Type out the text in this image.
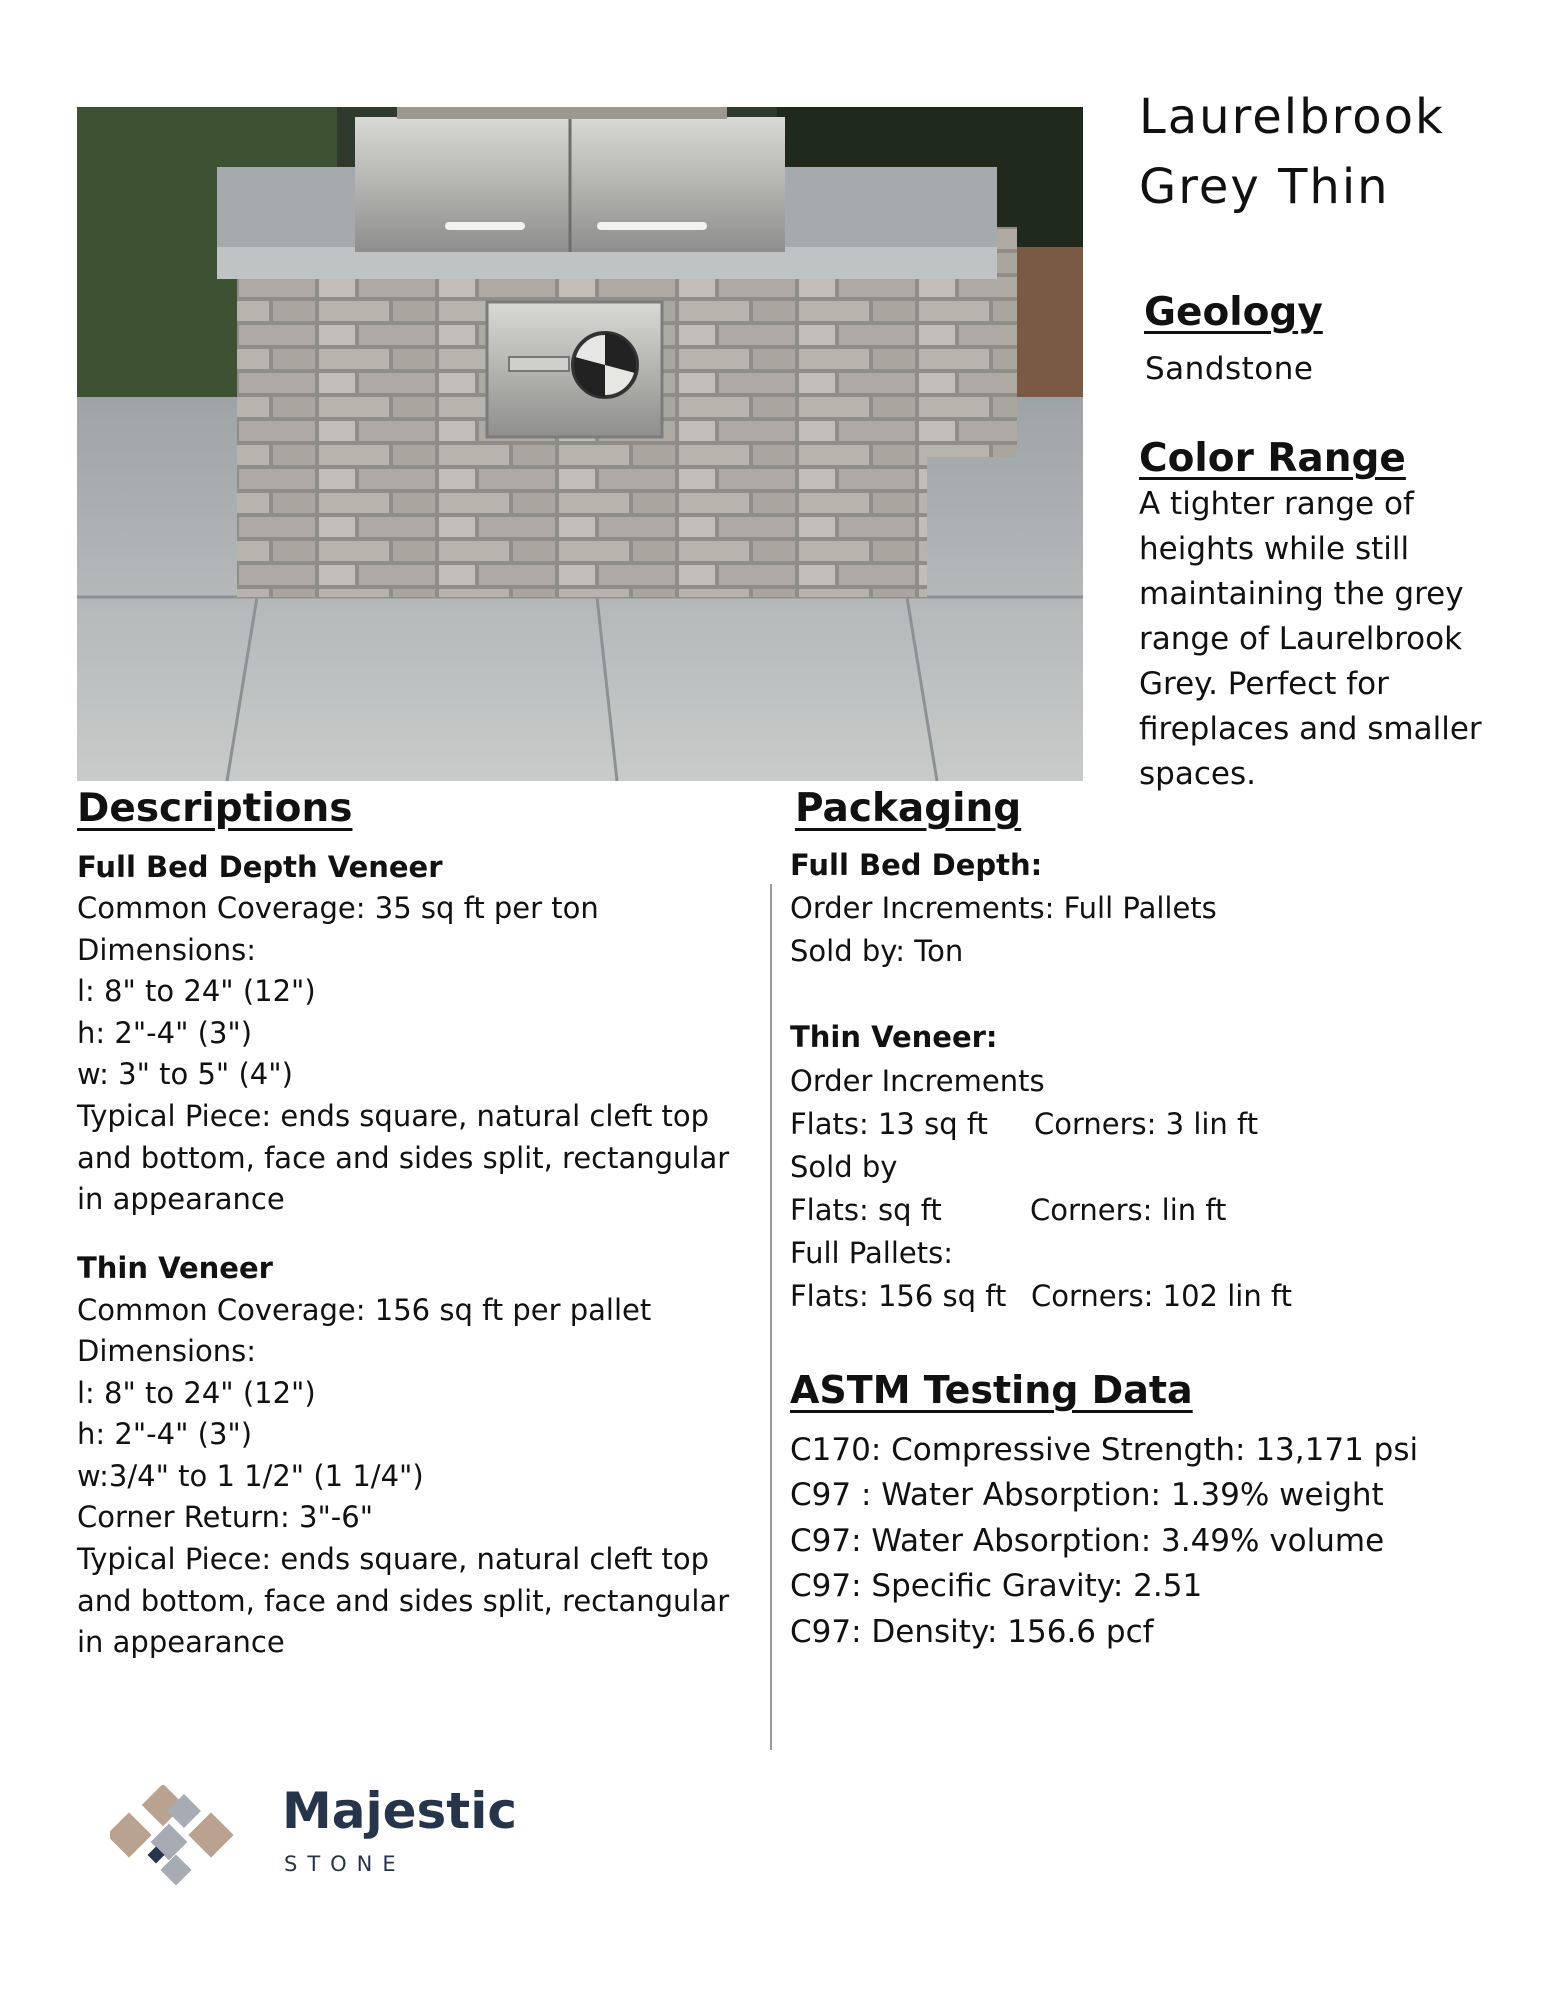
Laurelbrook
Grey Thin
Geology
Sandstone
Color Range
A tighter range of heights while still maintaining the grey range of Laurelbrook Grey. Perfect for fireplaces and smaller spaces.
Descriptions
Full Bed Depth Veneer
Common Coverage: 35 sq ft per ton
Dimensions:
l: 8" to 24" (12")
h: 2"-4" (3")
w: 3" to 5" (4")
Typical Piece: ends square, natural cleft top and bottom, face and sides split, rectangular in appearance
Thin Veneer
Common Coverage: 156 sq ft per pallet
Dimensions:
l: 8" to 24" (12")
h: 2"-4" (3")
w:3/4" to 1 1/2" (1 1/4")
Corner Return: 3"-6"
Typical Piece: ends square, natural cleft top and bottom, face and sides split, rectangular in appearance
Packaging
Full Bed Depth:
Order Increments: Full Pallets
Sold by: Ton
Thin Veneer:
Order Increments
Flats: 13 sq ft Corners: 3 lin ft
Sold by
Flats: sq ft	Corners: lin ft
Full Pallets:
Flats: 156 sq ft Corners: 102 lin ft
ASTM Testing Data
C170: Compressive Strength: 13,171 psi
C97 : Water Absorption: 1.39% weight
C97: Water Absorption: 3.49% volume
C97: Specific Gravity: 2.51
C97: Density: 156.6 pcf
Majestic
STONE
